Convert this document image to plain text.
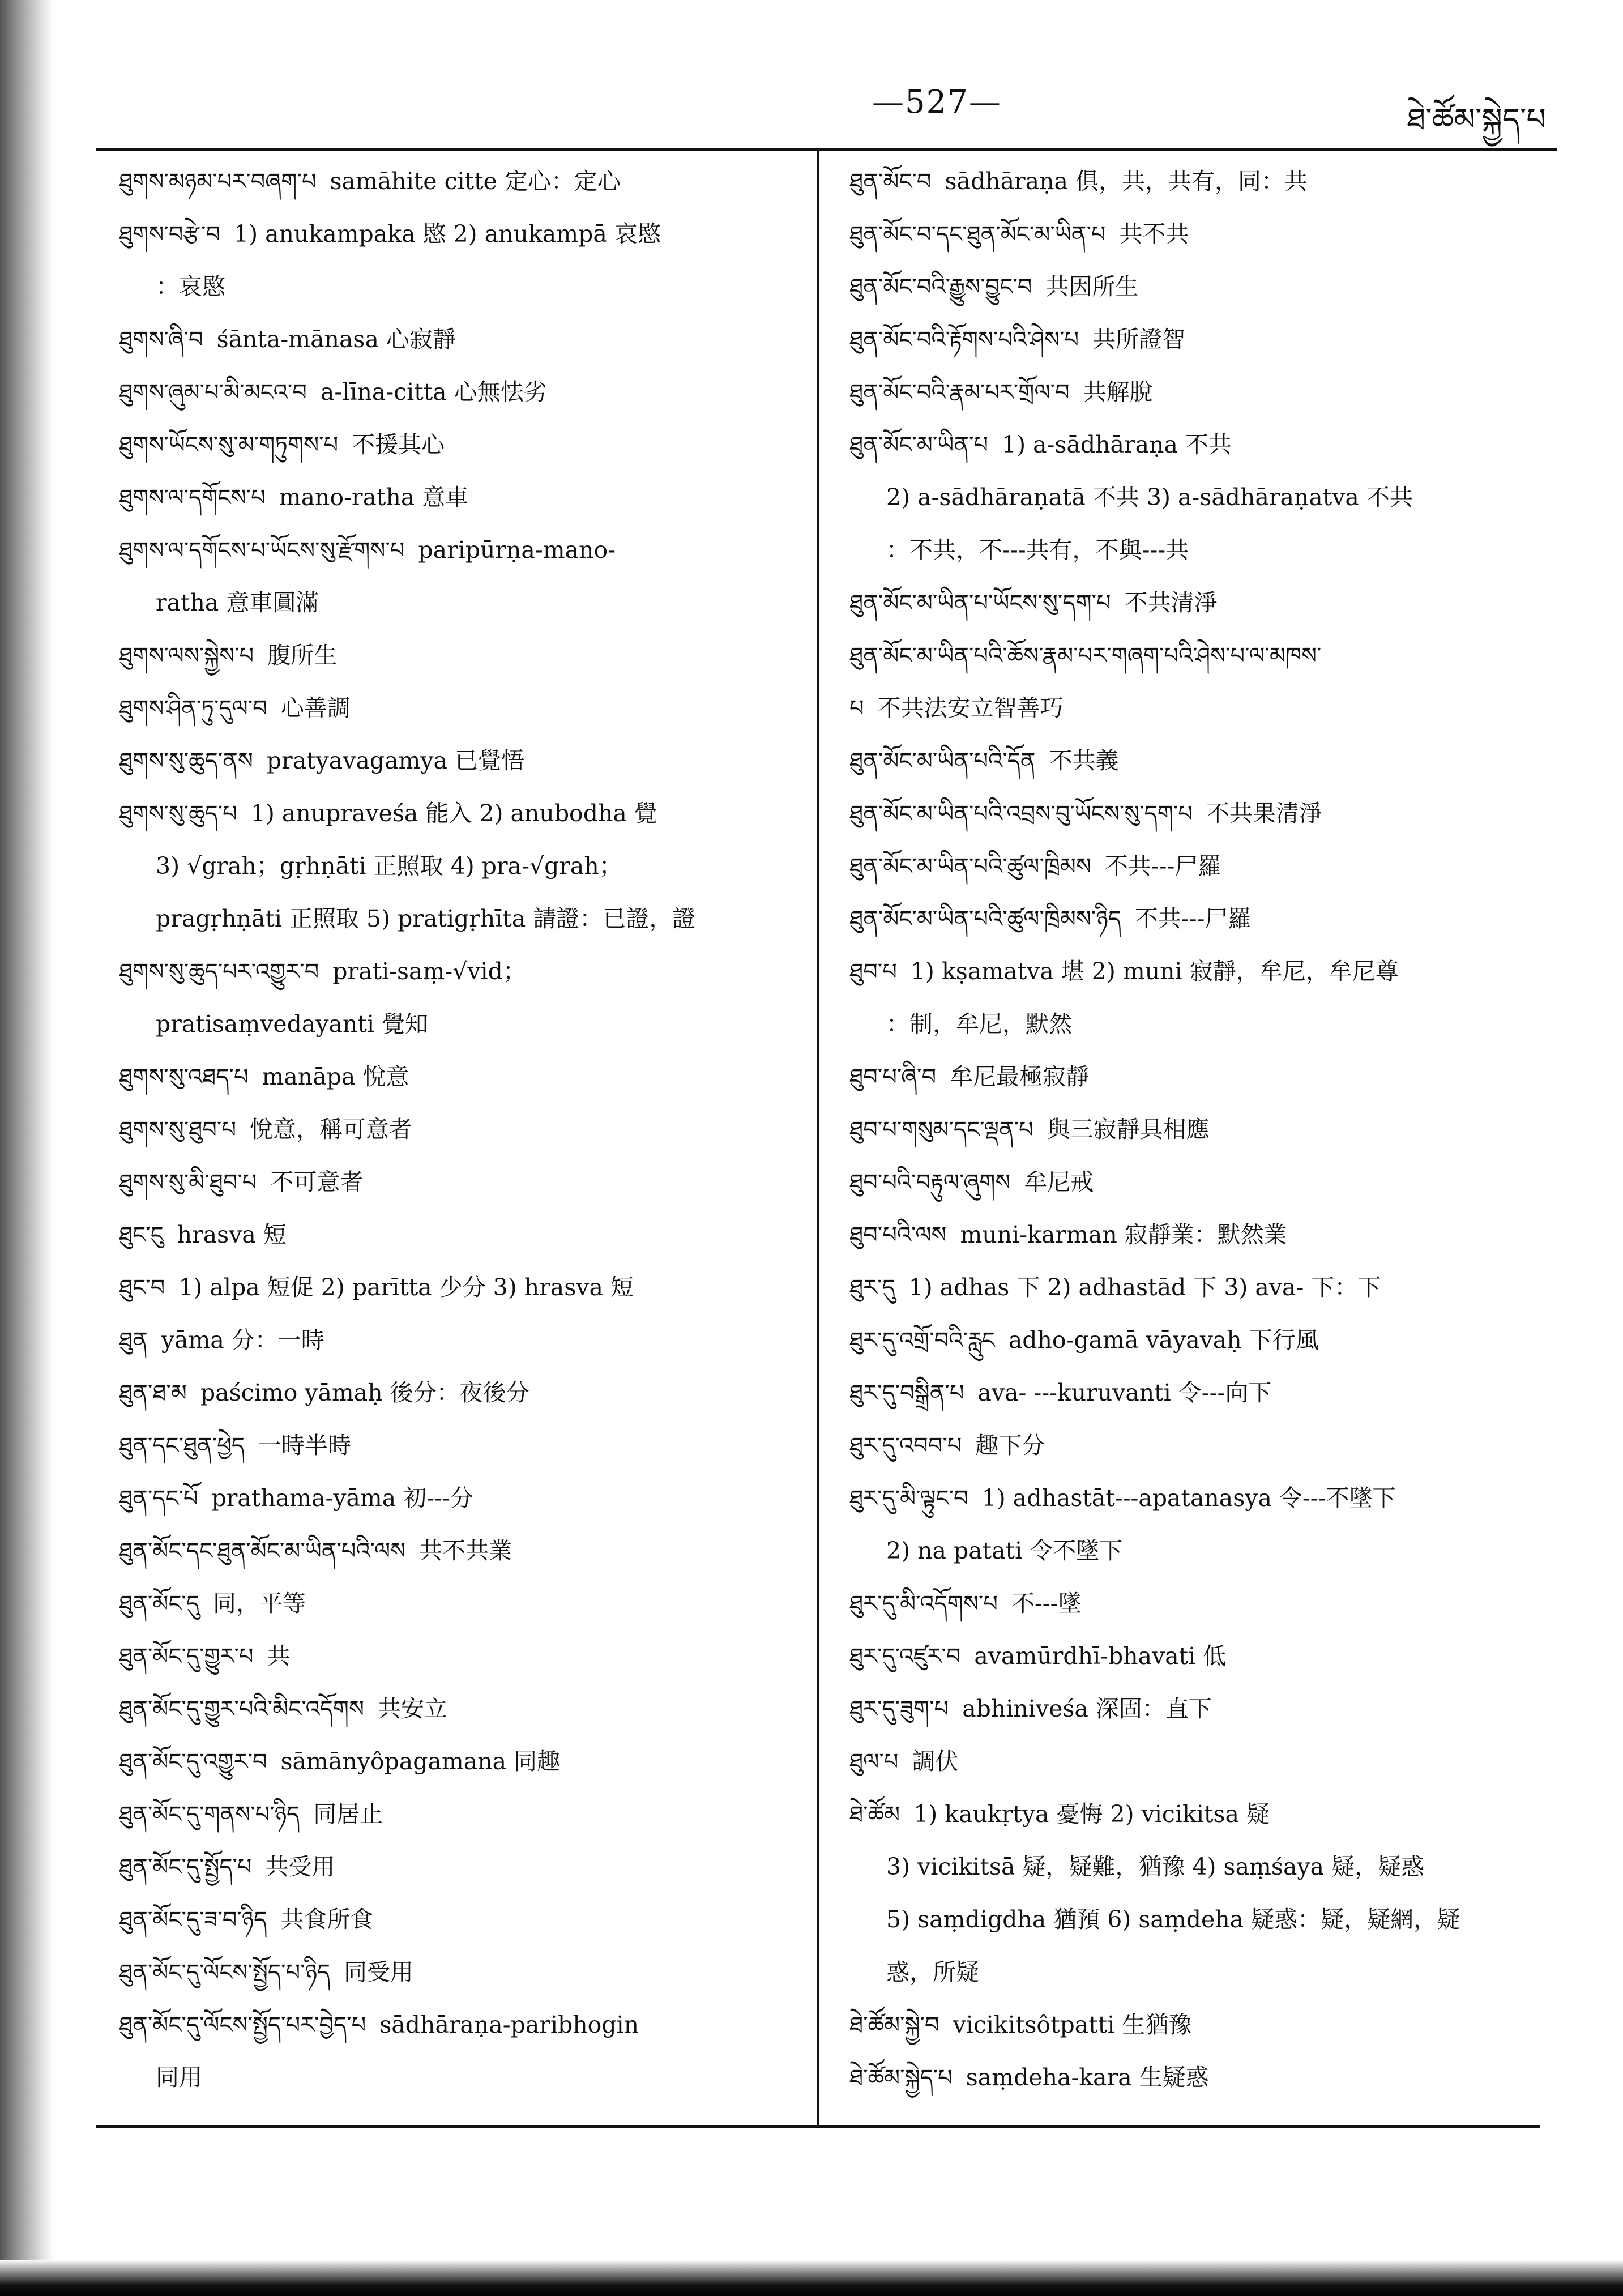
—527—	ཐེ་ཚོམ་སྐྱེད་པ
ཐུགས་མཉམ་པར་བཞག་པ samāhite citte 定心：定心
ཐུགས་བརྩེ་བ 1) anukampaka 愍 2) anukampā 哀愍
：哀愍
ཐུགས་ཞི་བ śānta-mānasa 心寂靜
ཐུགས་ཞུམ་པ་མི་མངའ་བ a-līna-citta 心無怯劣
ཐུགས་ཡོངས་སུ་མ་གཏུགས་པ 不援其心
ཐུགས་ལ་དགོངས་པ mano-ratha 意車
ཐུགས་ལ་དགོངས་པ་ཡོངས་སུ་རྫོགས་པ paripūrṇa-mano-
ratha 意車圓滿
ཐུགས་ལས་སྐྱེས་པ 腹所生
ཐུགས་ཤིན་ཏུ་དུལ་བ 心善調
ཐུགས་སུ་ཆུད་ནས pratyavagamya 已覺悟
ཐུགས་སུ་ཆུད་པ 1) anupraveśa 能入 2) anubodha 覺
3) √grah；gṛhṇāti 正照取 4) pra-√grah；
pragṛhṇāti 正照取 5) pratigṛhīta 請證：已證，證
ཐུགས་སུ་ཆུད་པར་འགྱུར་བ prati-saṃ-√vid；
pratisaṃvedayanti 覺知
ཐུགས་སུ་འཐད་པ manāpa 悅意
ཐུགས་སུ་ཐུབ་པ 悅意，稱可意者
ཐུགས་སུ་མི་ཐུབ་པ 不可意者
ཐུང་ངུ hrasva 短
ཐུང་བ 1) alpa 短促 2) parītta 少分 3) hrasva 短
ཐུན yāma 分：一時
ཐུན་ཐ་མ paścimo yāmaḥ 後分：夜後分
ཐུན་དང་ཐུན་ཕྱེད 一時半時
ཐུན་དང་པོ prathama-yāma 初---分
ཐུན་མོང་དང་ཐུན་མོང་མ་ཡིན་པའི་ལས 共不共業
ཐུན་མོང་དུ 同，平等
ཐུན་མོང་དུ་གྱུར་པ 共
ཐུན་མོང་དུ་གྱུར་པའི་མིང་འདོགས 共安立
ཐུན་མོང་དུ་འགྱུར་བ sāmānyôpagamana 同趣
ཐུན་མོང་དུ་གནས་པ་ཉིད 同居止
ཐུན་མོང་དུ་སྤྱོད་པ 共受用
ཐུན་མོང་དུ་ཟ་བ་ཉིད 共食所食
ཐུན་མོང་དུ་ལོངས་སྤྱོད་པ་ཉིད 同受用
ཐུན་མོང་དུ་ལོངས་སྤྱོད་པར་བྱེད་པ sādhāraṇa-paribhogin
同用
ཐུན་མོང་བ sādhāraṇa 俱，共，共有，同：共
ཐུན་མོང་བ་དང་ཐུན་མོང་མ་ཡིན་པ 共不共
ཐུན་མོང་བའི་རྒྱུས་བྱུང་བ 共因所生
ཐུན་མོང་བའི་རྟོགས་པའི་ཤེས་པ 共所證智
ཐུན་མོང་བའི་རྣམ་པར་གྲོལ་བ 共解脫
ཐུན་མོང་མ་ཡིན་པ 1) a-sādhāraṇa 不共
2) a-sādhāraṇatā 不共 3) a-sādhāraṇatva 不共
：不共，不---共有，不與---共
ཐུན་མོང་མ་ཡིན་པ་ཡོངས་སུ་དག་པ 不共清淨
ཐུན་མོང་མ་ཡིན་པའི་ཆོས་རྣམ་པར་གཞག་པའི་ཤེས་པ་ལ་མཁས་
པ 不共法安立智善巧
ཐུན་མོང་མ་ཡིན་པའི་དོན 不共義
ཐུན་མོང་མ་ཡིན་པའི་འབྲས་བུ་ཡོངས་སུ་དག་པ 不共果清淨
ཐུན་མོང་མ་ཡིན་པའི་ཚུལ་ཁྲིམས 不共---尸羅
ཐུན་མོང་མ་ཡིན་པའི་ཚུལ་ཁྲིམས་ཉིད 不共---尸羅
ཐུབ་པ 1) kṣamatva 堪 2) muni 寂靜，牟尼，牟尼尊
：制，牟尼，默然
ཐུབ་པ་ཞི་བ 牟尼最極寂靜
ཐུབ་པ་གསུམ་དང་ལྡན་པ 與三寂靜具相應
ཐུབ་པའི་བརྟུལ་ཞུགས 牟尼戒
ཐུབ་པའི་ལས muni-karman 寂靜業：默然業
ཐུར་དུ 1) adhas 下 2) adhastād 下 3) ava- 下：下
ཐུར་དུ་འགྲོ་བའི་རླུང adho-gamā vāyavaḥ 下行風
ཐུར་དུ་བསྒྲིན་པ ava- ---kuruvanti 令---向下
ཐུར་དུ་འབབ་པ 趣下分
ཐུར་དུ་མི་ལྟུང་བ 1) adhastāt---apatanasya 令---不墜下
2) na patati 令不墜下
ཐུར་དུ་མི་འདོགས་པ 不---墜
ཐུར་དུ་འཛུར་བ avamūrdhī-bhavati 低
ཐུར་དུ་ཟུག་པ abhiniveśa 深固：直下
ཐུལ་པ 調伏
ཐེ་ཚོམ 1) kaukṛtya 憂悔 2) vicikitsa 疑
3) vicikitsā 疑，疑難，猶豫 4) saṃśaya 疑，疑惑
5) saṃdigdha 猶預 6) saṃdeha 疑惑：疑，疑網，疑
惑，所疑
ཐེ་ཚོམ་སྐྱེ་བ vicikitsôtpatti 生猶豫
ཐེ་ཚོམ་སྐྱེད་པ saṃdeha-kara 生疑惑
